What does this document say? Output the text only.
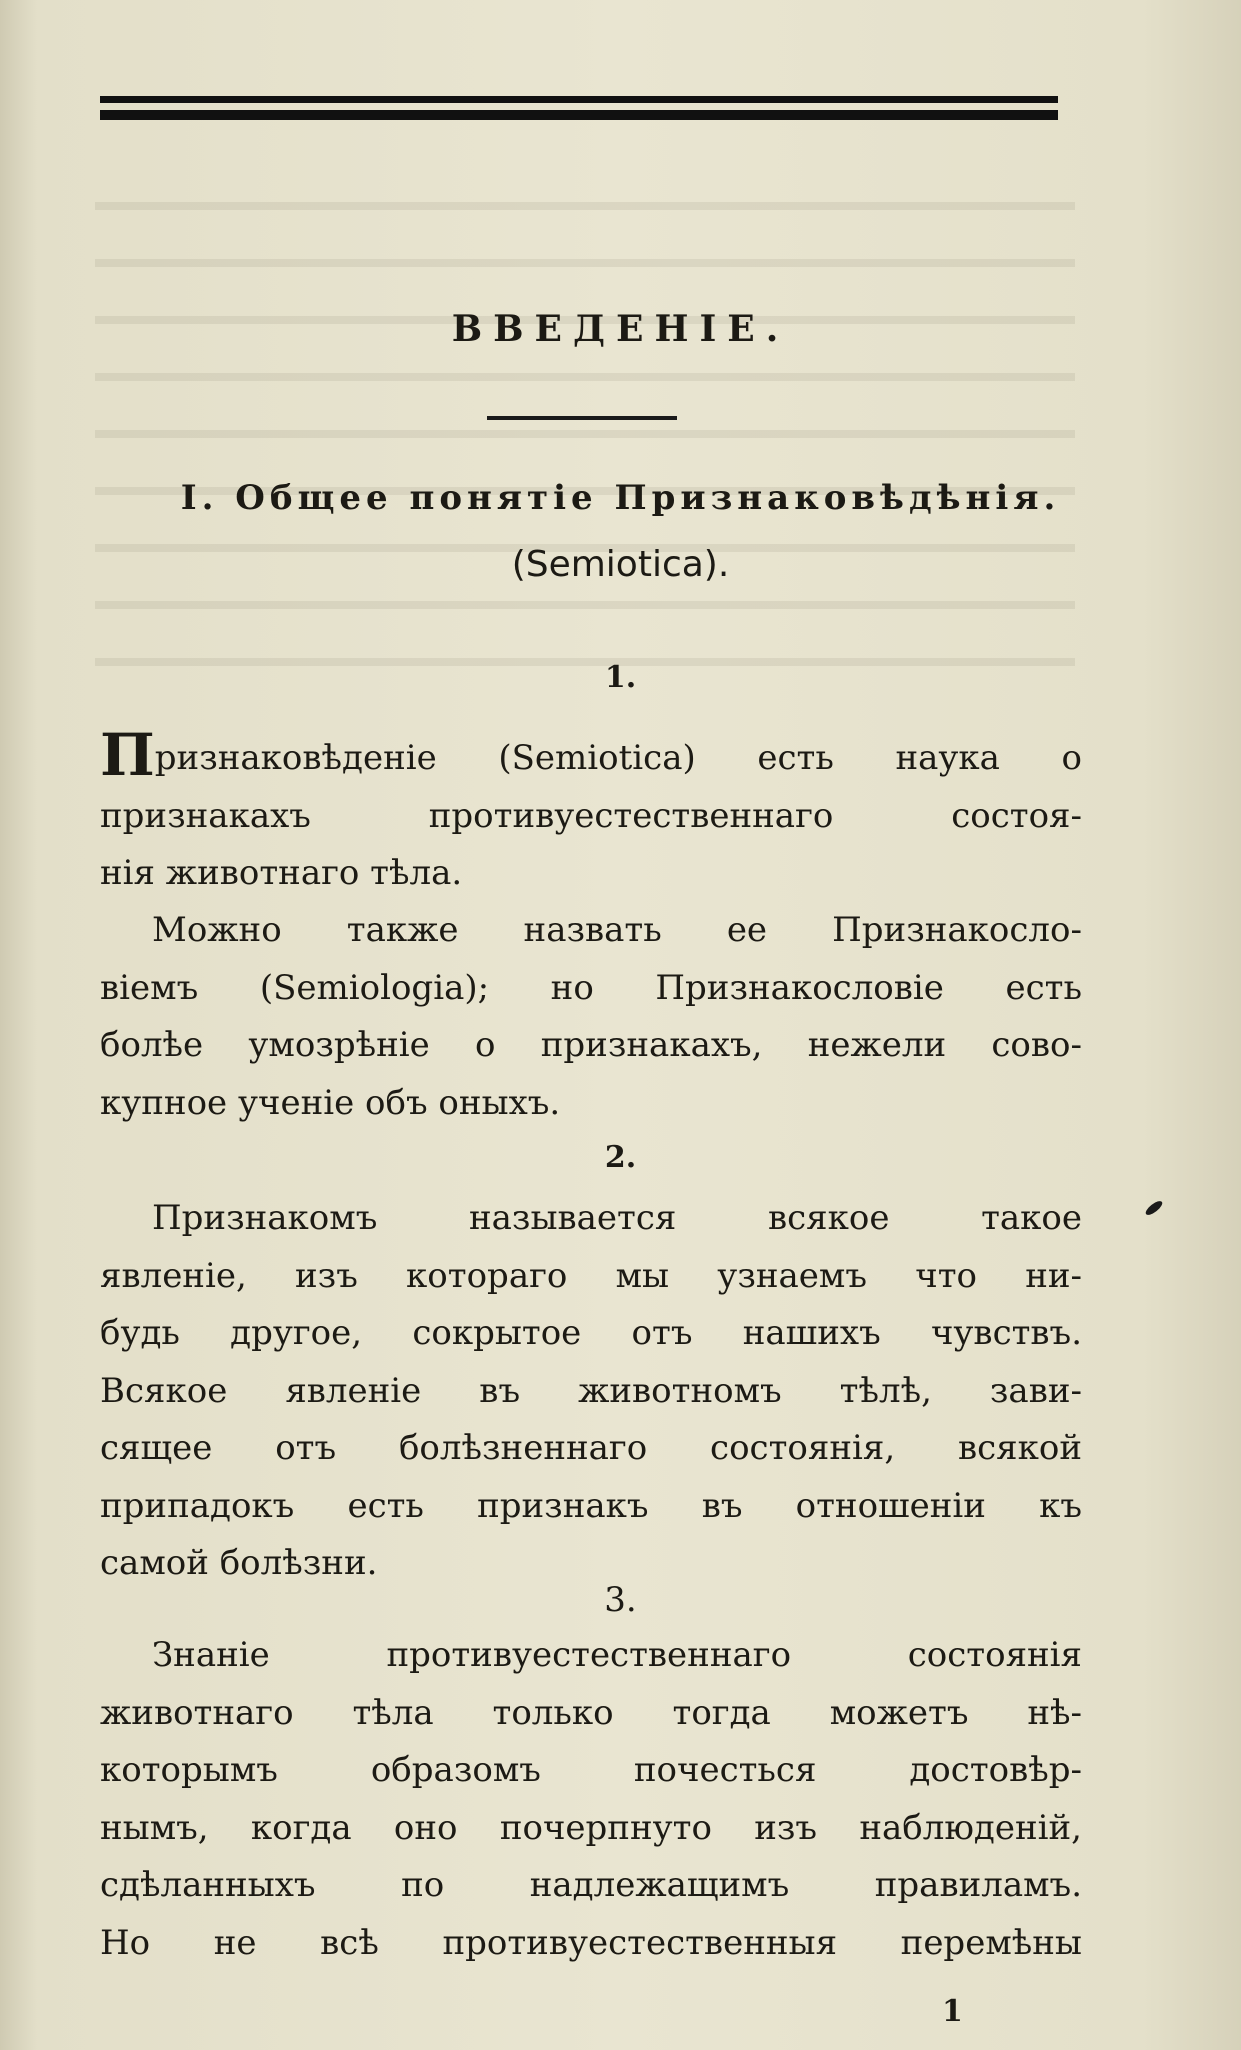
ВВЕДЕНІЕ.
I. Общее понятіе Признаковѣдѣнія.
(Semiotica).
1.
Признаковѣденіе (Semiotica) есть наука о
признакахъ противуестественнаго состоя-
нія животнаго тѣла.
Можно также назвать ее Признакосло-
віемъ (Semiologia); но Признакословіе есть
болѣе умозрѣніе о признакахъ, нежели сово-
купное ученіе объ оныхъ.
2.
Признакомъ называется всякое такое
явленіе, изъ котораго мы узнаемъ что ни-
будь другое, сокрытое отъ нашихъ чувствъ.
Всякое явленіе въ животномъ тѣлѣ, зави-
сящее отъ болѣзненнаго состоянія, всякой
припадокъ есть признакъ въ отношеніи къ
самой болѣзни.
3.
Знаніе противуестественнаго состоянія
животнаго тѣла только тогда можетъ нѣ-
которымъ образомъ почесться достовѣр-
нымъ, когда оно почерпнуто изъ наблюденій,
сдѣланныхъ по надлежащимъ правиламъ.
Но не всѣ противуестественныя перемѣны
1
